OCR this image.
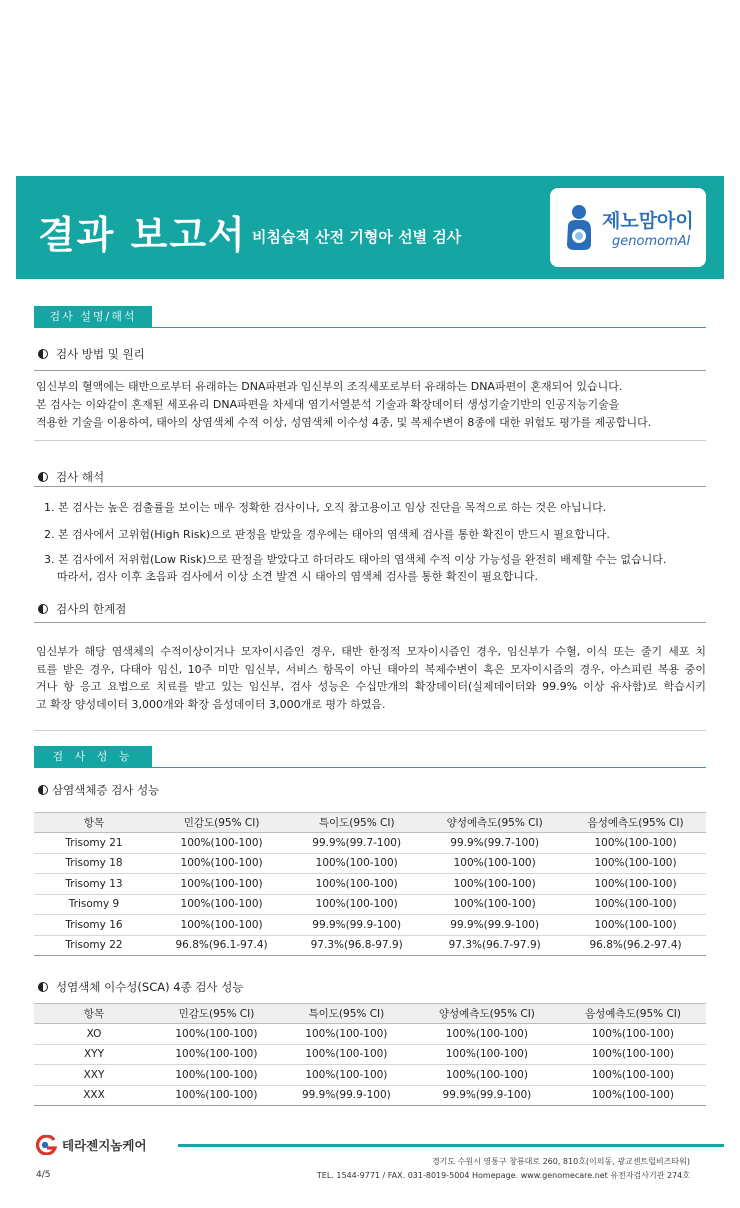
결과 보고서 비침습적 산전 기형아 선별 검사
제노맘아이
genomomAI
검사 설명/해석
검사 방법 및 원리

임신부의 혈액에는 태반으로부터 유래하는 DNA파편과 임신부의 조직세포로부터 유래하는 DNA파편이 혼재되어 있습니다.

본 검사는 이와같이 혼재된 세포유리 DNA파편을 차세대 염기서열분석 기술과 확장데이터 생성기술기반의 인공지능기술을

적용한 기술을 이용하여, 태아의 상염색체 수적 이상, 성염색체 이수성 4종, 및 복제수변이 8종에 대한 위험도 평가를 제공합니다.

검사 해석
1. 본 검사는 높은 검출률을 보이는 매우 정확한 검사이나, 오직 참고용이고 임상 진단을 목적으로 하는 것은 아닙니다.
2. 본 검사에서 고위험(High Risk)으로 판정을 받았을 경우에는 태아의 염색체 검사를 통한 확진이 반드시 필요합니다.
3. 본 검사에서 저위험(Low Risk)으로 판정을 받았다고 하더라도 태아의 염색체 수적 이상 가능성을 완전히 배제할 수는 없습니다.
따라서, 검사 이후 초음파 검사에서 이상 소견 발견 시 태아의 염색체 검사를 통한 확진이 필요합니다.
검사의 한계점

임신부가 해당 염색체의 수적이상이거나 모자이시즘인 경우, 태반 한정적 모자이시즘인 경우, 임신부가 수혈, 이식 또는 줄기 세포 치

료를 받은 경우, 다태아 임신, 10주 미만 임신부, 서비스 항목이 아닌 태아의 복제수변이 혹은 모자이시즘의 경우, 아스피린 복용 중이

거나 항 응고 요법으로 치료를 받고 있는 임신부, 검사 성능은 수십만개의 확장데이터(실제데이터와 99.9% 이상 유사함)로 학습시키

고 확장 양성데이터 3,000개와 확장 음성데이터 3,000개로 평가 하였음.

검 사 성 능
삼염색체증 검사 성능
항목	민감도(95% CI)	특이도(95% CI)	양성예측도(95% CI)	음성예측도(95% CI)
Trisomy 21	100%(100-100)	99.9%(99.7-100)	99.9%(99.7-100)	100%(100-100)
Trisomy 18	100%(100-100)	100%(100-100)	100%(100-100)	100%(100-100)
Trisomy 13	100%(100-100)	100%(100-100)	100%(100-100)	100%(100-100)
Trisomy 9	100%(100-100)	100%(100-100)	100%(100-100)	100%(100-100)
Trisomy 16	100%(100-100)	99.9%(99.9-100)	99.9%(99.9-100)	100%(100-100)
Trisomy 22	96.8%(96.1-97.4)	97.3%(96.8-97.9)	97.3%(96.7-97.9)	96.8%(96.2-97.4)
성염색체 이수성(SCA) 4종 검사 성능
항목	민감도(95% CI)	특이도(95% CI)	양성예측도(95% CI)	음성예측도(95% CI)
XO	100%(100-100)	100%(100-100)	100%(100-100)	100%(100-100)
XYY	100%(100-100)	100%(100-100)	100%(100-100)	100%(100-100)
XXY	100%(100-100)	100%(100-100)	100%(100-100)	100%(100-100)
XXX	100%(100-100)	99.9%(99.9-100)	99.9%(99.9-100)	100%(100-100)
테라젠지놈케어
경기도 수원시 영통구 창룡대로 260, 810호(이의동, 광교센트럴비즈타워)
TEL. 1544-9771 / FAX. 031-8019-5004 Homepage. www.genomecare.net 유전자검사기관 274호
4/5
